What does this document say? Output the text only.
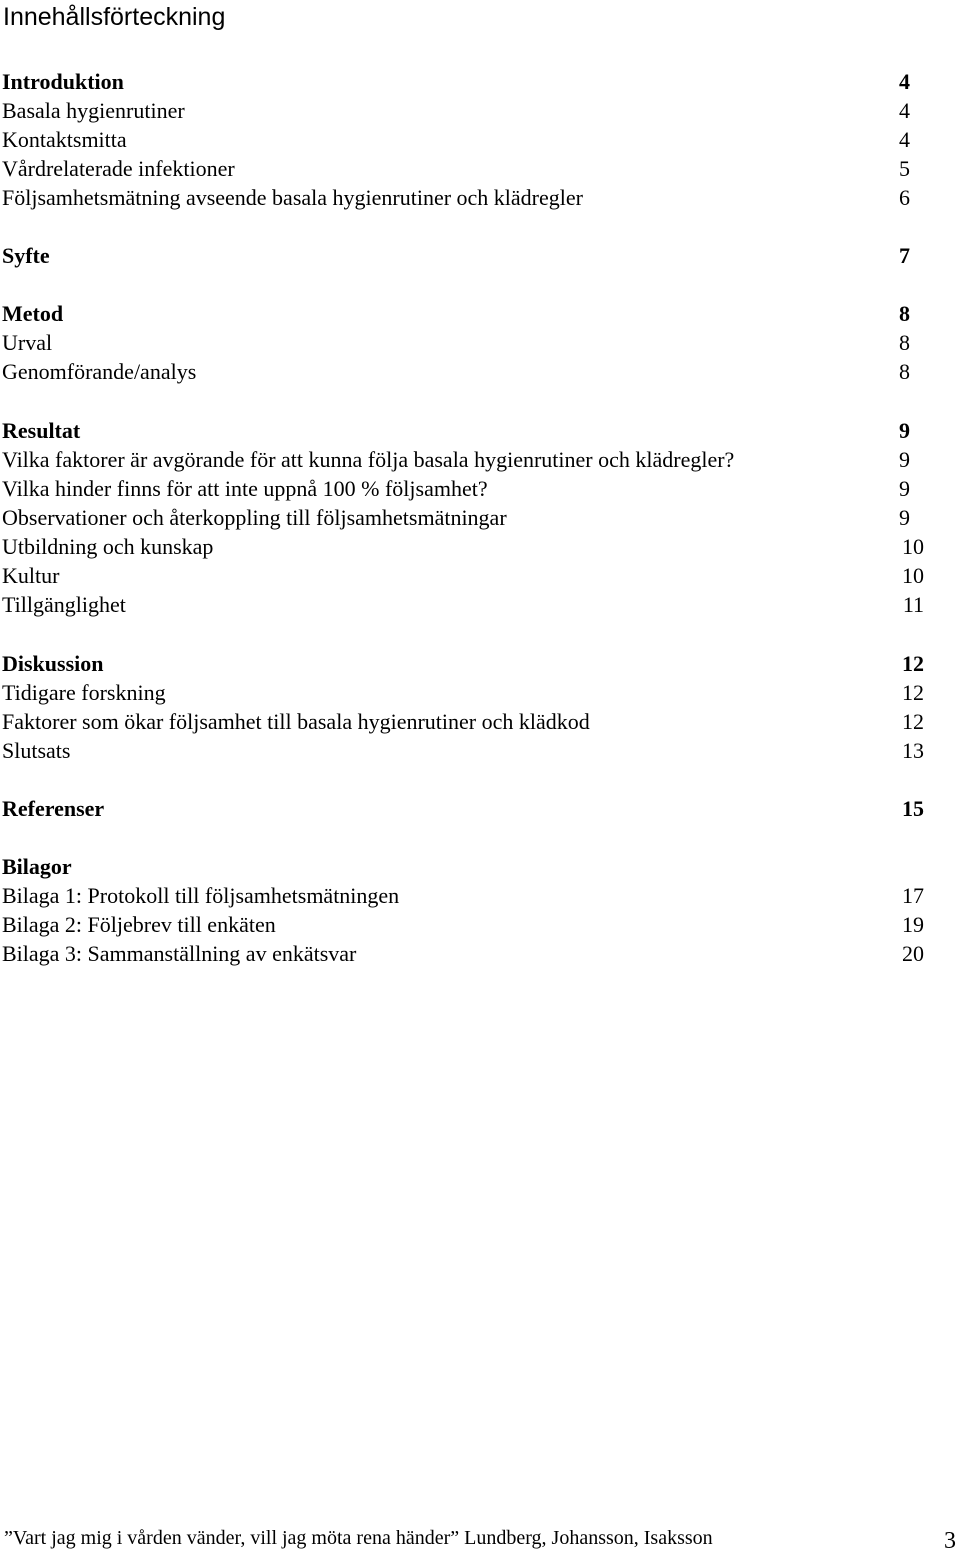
Innehållsförteckning
Introduktion	4
Basala hygienrutiner	4
Kontaktsmitta	4
Vårdrelaterade infektioner	5
Följsamhetsmätning avseende basala hygienrutiner och klädregler	6
Syfte	7
Metod	8
Urval	8
Genomförande/analys	8
Resultat	9
Vilka faktorer är avgörande för att kunna följa basala hygienrutiner och klädregler?	9
Vilka hinder finns för att inte uppnå 100 % följsamhet?	9
Observationer och återkoppling till följsamhetsmätningar	9
Utbildning och kunskap	10
Kultur	10
Tillgänglighet	11
Diskussion	12
Tidigare forskning	12
Faktorer som ökar följsamhet till basala hygienrutiner och klädkod	12
Slutsats	13
Referenser	15
Bilagor
Bilaga 1: Protokoll till följsamhetsmätningen	17
Bilaga 2: Följebrev till enkäten	19
Bilaga 3: Sammanställning av enkätsvar	20
”Vart jag mig i vården vänder, vill jag möta rena händer” Lundberg, Johansson, Isaksson	3
